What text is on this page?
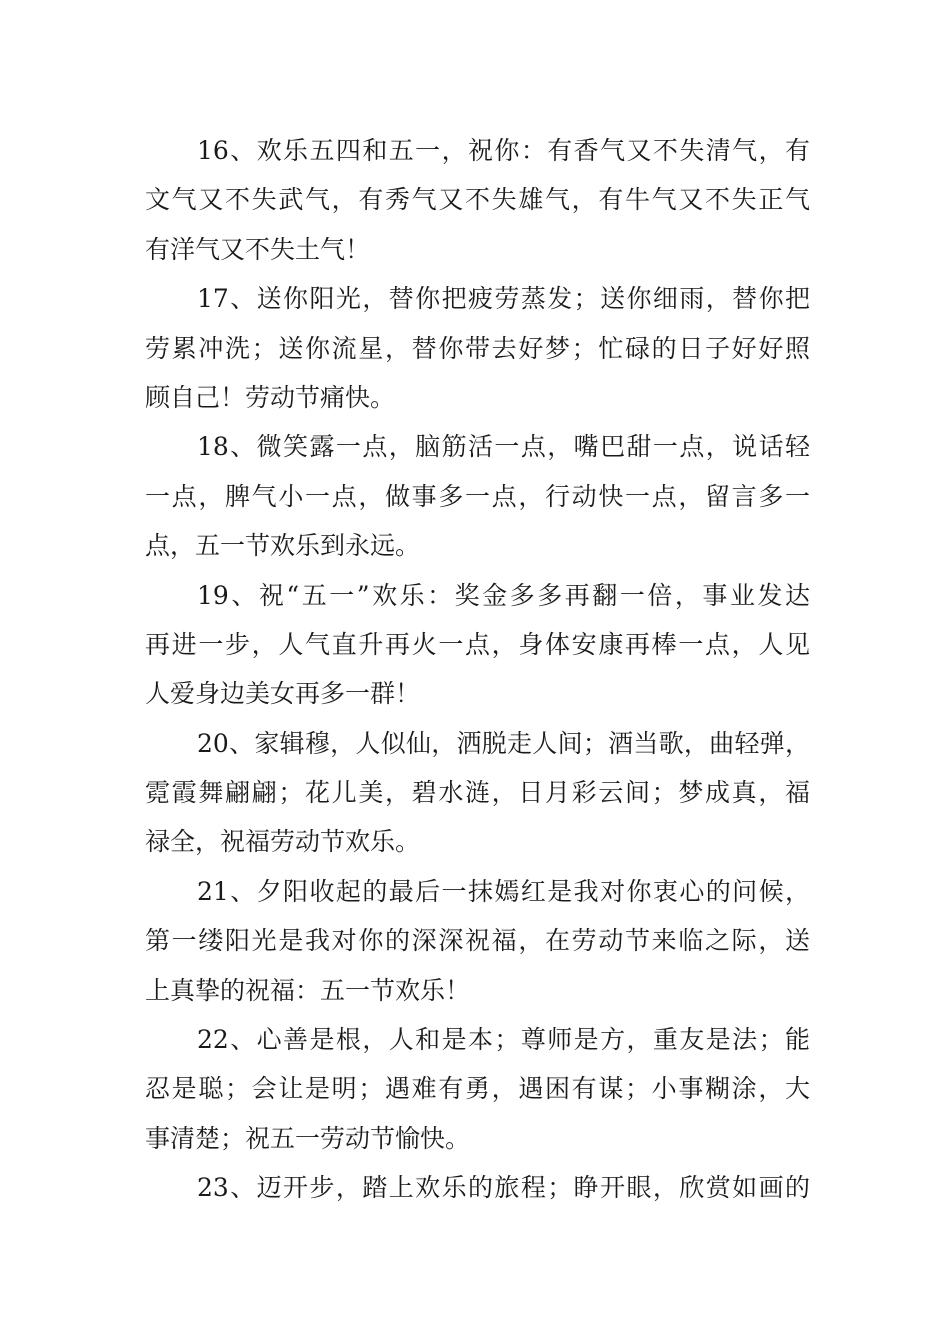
16、欢乐五四和五一，祝你：有香气又不失清气，有
文气又不失武气，有秀气又不失雄气，有牛气又不失正气
有洋气又不失土气！
17、送你阳光，替你把疲劳蒸发；送你细雨，替你把
劳累冲洗；送你流星，替你带去好梦；忙碌的日子好好照
顾自己！劳动节痛快。
18、微笑露一点，脑筋活一点，嘴巴甜一点，说话轻
一点，脾气小一点，做事多一点，行动快一点，留言多一
点，五一节欢乐到永远。
19、祝“五一”欢乐：奖金多多再翻一倍，事业发达
再进一步，人气直升再火一点，身体安康再棒一点，人见
人爱身边美女再多一群！
20、家辑穆，人似仙，洒脱走人间；酒当歌，曲轻弹，
霓霞舞翩翩；花儿美，碧水涟，日月彩云间；梦成真，福
禄全，祝福劳动节欢乐。
21、夕阳收起的最后一抹嫣红是我对你衷心的问候，
第一缕阳光是我对你的深深祝福，在劳动节来临之际，送
上真挚的祝福：五一节欢乐！
22、心善是根，人和是本；尊师是方，重友是法；能
忍是聪；会让是明；遇难有勇，遇困有谋；小事糊涂，大
事清楚；祝五一劳动节愉快。
23、迈开步，踏上欢乐的旅程；睁开眼，欣赏如画的
